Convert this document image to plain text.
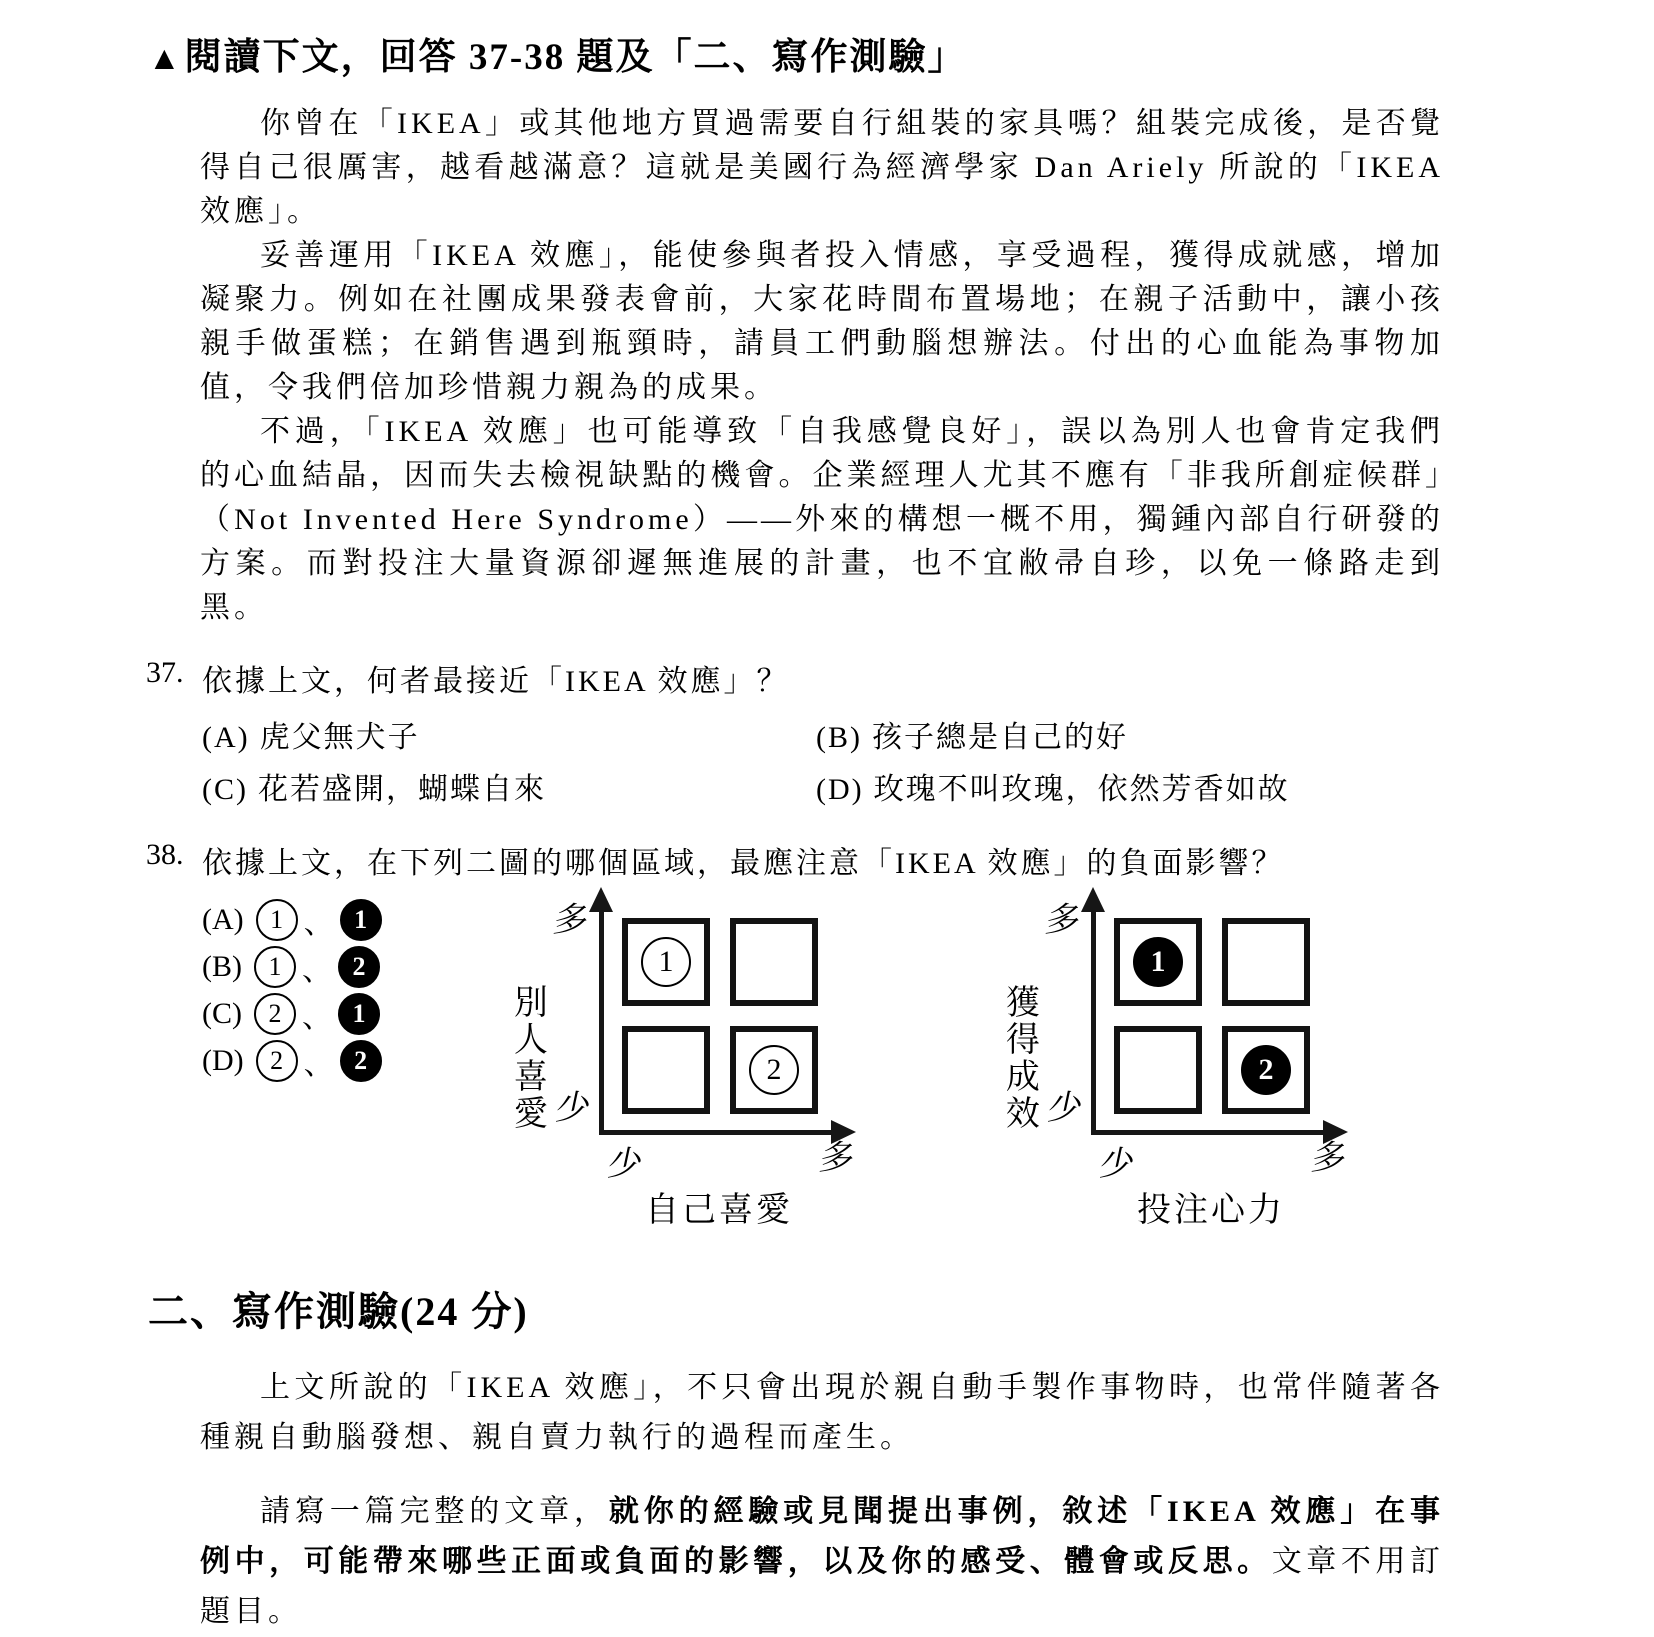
▲閱讀下文，回答 37-38 題及「二、寫作測驗」

你曾在「IKEA」或其他地方買過需要自行組裝的家具嗎？組裝完成後，是否覺得自己很厲害，越看越滿意？這就是美國行為經濟學家 Dan Ariely 所說的「IKEA 效應」。

妥善運用「IKEA 效應」，能使參與者投入情感，享受過程，獲得成就感，增加凝聚力。例如在社團成果發表會前，大家花時間布置場地；在親子活動中，讓小孩親手做蛋糕；在銷售遇到瓶頸時，請員工們動腦想辦法。付出的心血能為事物加值，令我們倍加珍惜親力親為的成果。

不過，「IKEA 效應」也可能導致「自我感覺良好」，誤以為別人也會肯定我們的心血結晶，因而失去檢視缺點的機會。企業經理人尤其不應有「非我所創症候群」（Not Invented Here Syndrome）——外來的構想一概不用，獨鍾內部自行研發的方案。而對投注大量資源卻遲無進展的計畫，也不宜敝帚自珍，以免一條路走到黑。

37. 依據上文，何者最接近「IKEA 效應」？
(A) 虎父無犬子	(B) 孩子總是自己的好
(C) 花若盛開，蝴蝶自來	(D) 玫瑰不叫玫瑰，依然芳香如故
38. 依據上文，在下列二圖的哪個區域，最應注意「IKEA 效應」的負面影響？
(A)	1 、 1
(B)	1 、 2
(C)	2 、 1
(D)	2 、 2
多
少
少	多
別人喜愛
1
2
自己喜愛
多
少
少	多
獲得成效
1
2
投注心力
二、寫作測驗(24 分)

上文所說的「IKEA 效應」，不只會出現於親自動手製作事物時，也常伴隨著各種親自動腦發想、親自賣力執行的過程而產生。

請寫一篇完整的文章，就你的經驗或見聞提出事例，敘述「IKEA 效應」在事例中，可能帶來哪些正面或負面的影響，以及你的感受、體會或反思。文章不用訂題目。
